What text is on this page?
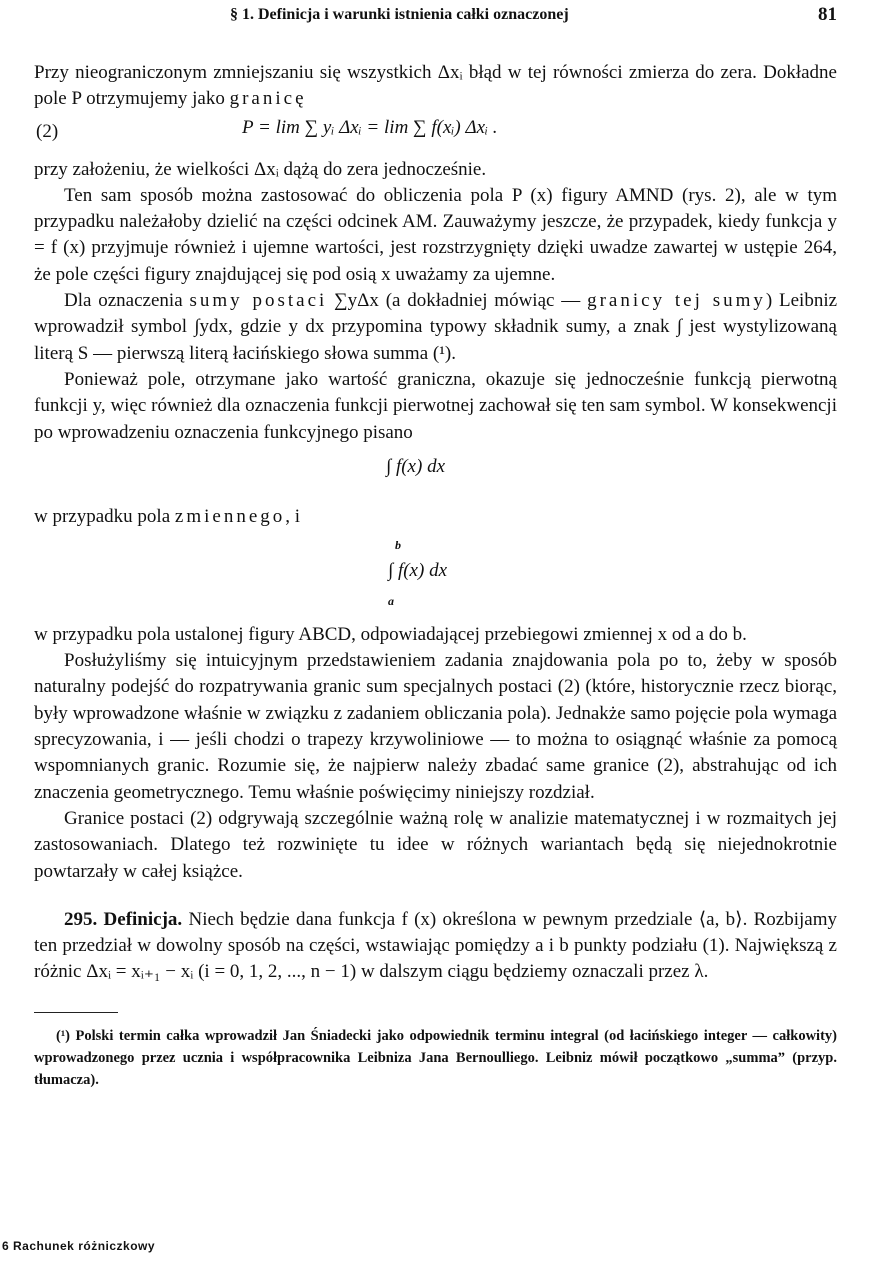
§ 1. Definicja i warunki istnienia całki oznaczonej	81

Przy nieograniczonym zmniejszaniu się wszystkich Δxᵢ błąd w tej równości zmierza do zera. Dokładne pole P otrzymujemy jako granicę

(2)	P = lim ∑ yᵢ Δxᵢ = lim ∑ f(xᵢ) Δxᵢ .

przy założeniu, że wielkości Δxᵢ dążą do zera jednocześnie.

Ten sam sposób można zastosować do obliczenia pola P (x) figury AMND (rys. 2), ale w tym przypadku należałoby dzielić na części odcinek AM. Zauważymy jeszcze, że przypadek, kiedy funkcja y = f (x) przyjmuje również i ujemne wartości, jest rozstrzygnięty dzięki uwadze zawartej w ustępie 264, że pole części figury znajdującej się pod osią x uważamy za ujemne.

Dla oznaczenia sumy postaci ∑yΔx (a dokładniej mówiąc — granicy tej sumy) Leibniz wprowadził symbol ∫ydx, gdzie y dx przypomina typowy składnik sumy, a znak ∫ jest wystylizowaną literą S — pierwszą literą łacińskiego słowa summa (¹).

Ponieważ pole, otrzymane jako wartość graniczna, okazuje się jednocześnie funkcją pierwotną funkcji y, więc również dla oznaczenia funkcji pierwotnej zachował się ten sam symbol. W konsekwencji po wprowadzeniu oznaczenia funkcyjnego pisano

∫ f(x) dx

w przypadku pola zmiennego, i

b
∫ f(x) dx
a

w przypadku pola ustalonej figury ABCD, odpowiadającej przebiegowi zmiennej x od a do b.

Posłużyliśmy się intuicyjnym przedstawieniem zadania znajdowania pola po to, żeby w sposób naturalny podejść do rozpatrywania granic sum specjalnych postaci (2) (które, historycznie rzecz biorąc, były wprowadzone właśnie w związku z zadaniem obliczania pola). Jednakże samo pojęcie pola wymaga sprecyzowania, i — jeśli chodzi o trapezy krzywoliniowe — to można to osiągnąć właśnie za pomocą wspomnianych granic. Rozumie się, że najpierw należy zbadać same granice (2), abstrahując od ich znaczenia geometrycznego. Temu właśnie poświęcimy niniejszy rozdział.

Granice postaci (2) odgrywają szczególnie ważną rolę w analizie matematycznej i w rozmaitych jej zastosowaniach. Dlatego też rozwinięte tu idee w różnych wariantach będą się niejednokrotnie powtarzały w całej książce.

295. Definicja. Niech będzie dana funkcja f (x) określona w pewnym przedziale ⟨a, b⟩. Rozbijamy ten przedział w dowolny sposób na części, wstawiając pomiędzy a i b punkty podziału (1). Największą z różnic Δxᵢ = xᵢ₊₁ − xᵢ (i = 0, 1, 2, ..., n − 1) w dalszym ciągu będziemy oznaczali przez λ.

(¹) Polski termin całka wprowadził Jan Śniadecki jako odpowiednik terminu integral (od łacińskiego integer — całkowity) wprowadzonego przez ucznia i współpracownika Leibniza Jana Bernoulliego. Leibniz mówił początkowo „summa” (przyp. tłumacza).

6 Rachunek różniczkowy
